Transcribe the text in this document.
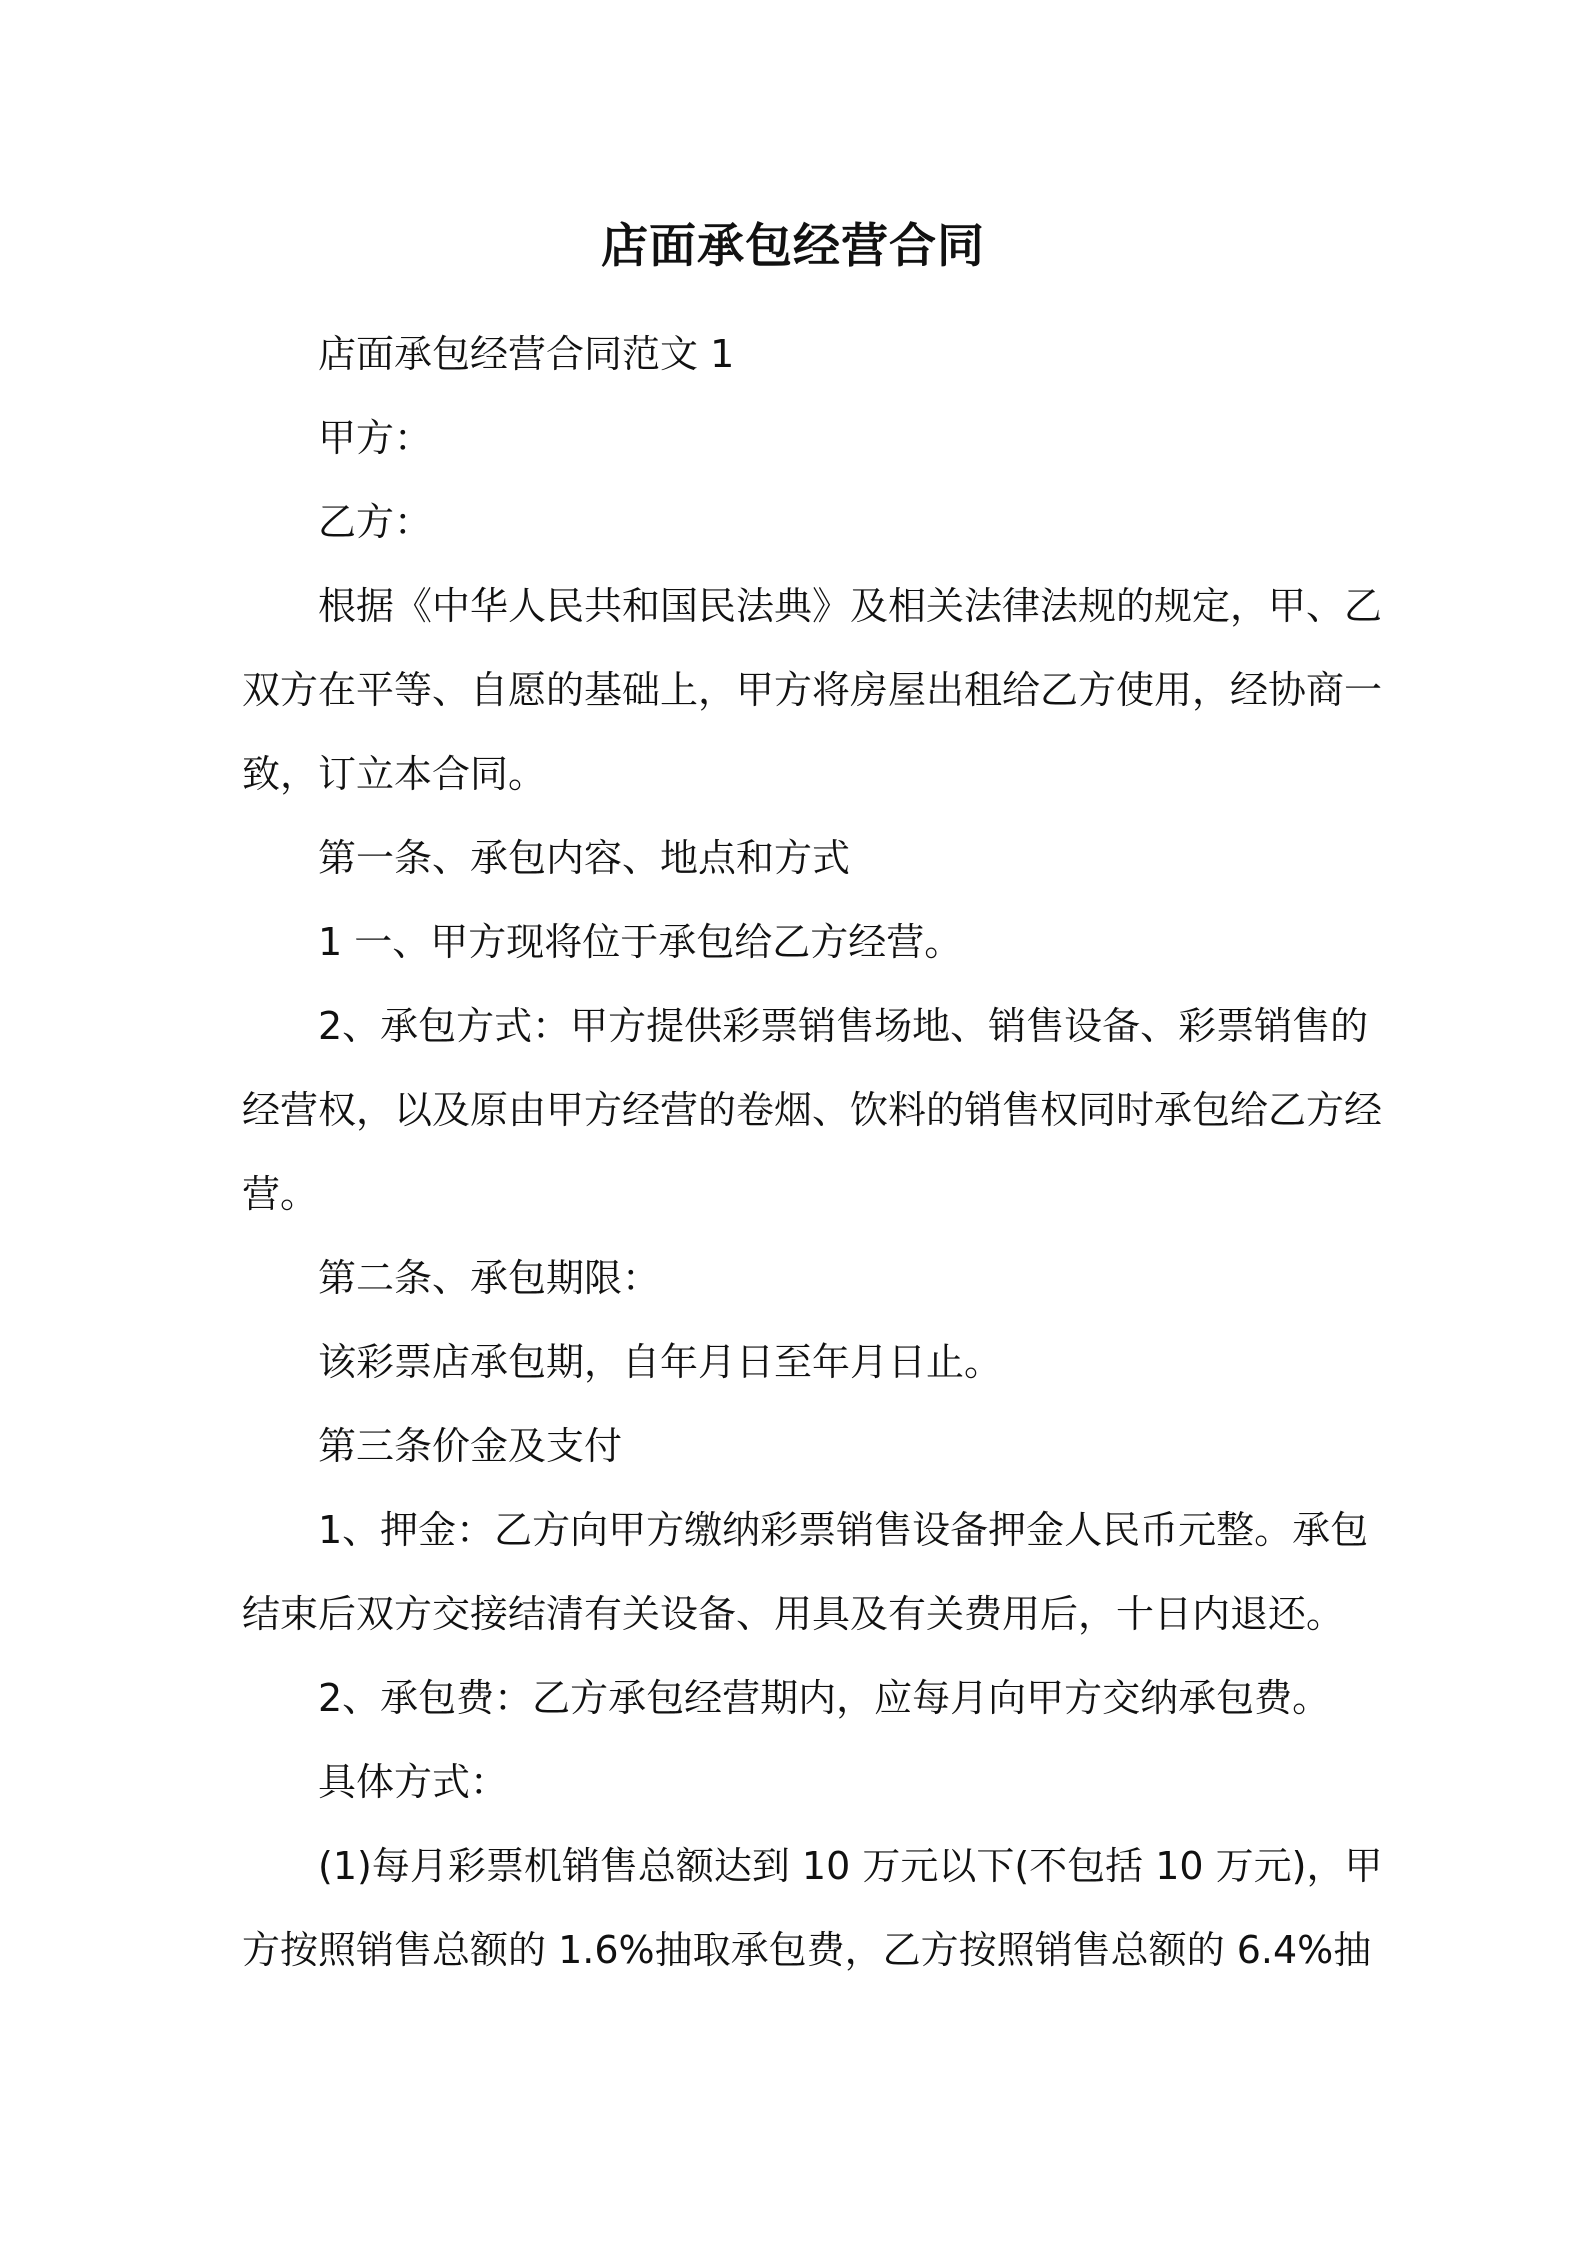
店面承包经营合同

店面承包经营合同范文 1

甲方：

乙方：

根据《中华人民共和国民法典》及相关法律法规的规定，甲、乙

双方在平等、自愿的基础上，甲方将房屋出租给乙方使用，经协商一

致，订立本合同。

第一条、承包内容、地点和方式

1 一、甲方现将位于承包给乙方经营。

2、承包方式：甲方提供彩票销售场地、销售设备、彩票销售的

经营权，以及原由甲方经营的卷烟、饮料的销售权同时承包给乙方经

营。

第二条、承包期限：

该彩票店承包期，自年月日至年月日止。

第三条价金及支付

1、押金：乙方向甲方缴纳彩票销售设备押金人民币元整。承包

结束后双方交接结清有关设备、用具及有关费用后，十日内退还。

2、承包费：乙方承包经营期内，应每月向甲方交纳承包费。

具体方式：

(1)每月彩票机销售总额达到 10 万元以下(不包括 10 万元)，甲

方按照销售总额的 1.6%抽取承包费，乙方按照销售总额的 6.4%抽
